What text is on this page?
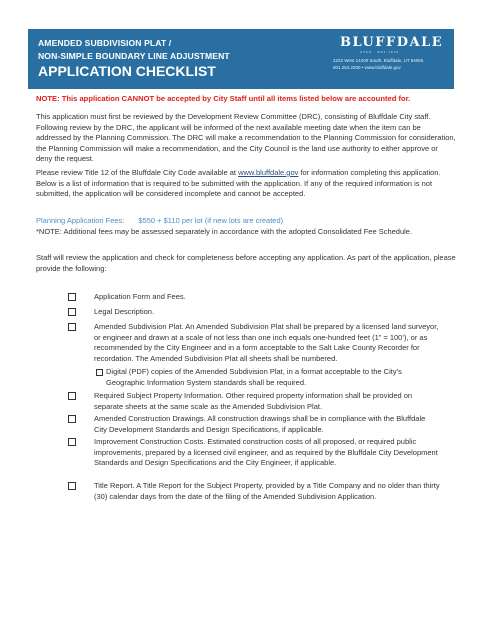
AMENDED SUBDIVISION PLAT /
NON-SIMPLE BOUNDARY LINE ADJUSTMENT
APPLICATION CHECKLIST
BLUFFDALE
UTAH · EST 1978
2222 West 14400 South, Bluffdale, UT 84065
801.254.2200 • www.bluffdale.gov
NOTE: This application CANNOT be accepted by City Staff until all items listed below are accounted for.
This application must first be reviewed by the Development Review Committee (DRC), consisting of Bluffdale City staff. Following review by the DRC, the applicant will be informed of the next available meeting date when the item can be addressed by the Planning Commission. The DRC will make a recommendation to the Planning Commission for consideration, the Planning Commission will make a recommendation, and the City Council is the land use authority to either approve or deny the request.
Please review Title 12 of the Bluffdale City Code available at www.bluffdale.gov for information completing this application. Below is a list of information that is required to be submitted with the application. If any of the required information is not submitted, the application will be considered incomplete and cannot be accepted.
Planning Application Fees: $550 + $110 per lot (if new lots are created)
*NOTE: Additional fees may be assessed separately in accordance with the adopted Consolidated Fee Schedule.
Staff will review the application and check for completeness before accepting any application. As part of the application, please provide the following:
Application Form and Fees.
Legal Description.
Amended Subdivision Plat. An Amended Subdivision Plat shall be prepared by a licensed land surveyor, or engineer and drawn at a scale of not less than one inch equals one-hundred feet (1” = 100’), or as recommended by the City Engineer and in a form acceptable to the Salt Lake County Recorder for recordation. The Amended Subdivision Plat all sheets shall be numbered.
Digital (PDF) copies of the Amended Subdivision Plat, in a format acceptable to the City’s Geographic Information System standards shall be required.
Required Subject Property Information. Other required property information shall be provided on separate sheets at the same scale as the Amended Subdivision Plat.
Amended Construction Drawings. All construction drawings shall be in compliance with the Bluffdale City Development Standards and Design Specifications, if applicable.
Improvement Construction Costs. Estimated construction costs of all proposed, or required public improvements, prepared by a licensed civil engineer, and as required by the Bluffdale City Development Standards and Design Specifications and the City Engineer, if applicable.
Title Report. A Title Report for the Subject Property, provided by a Title Company and no older than thirty (30) calendar days from the date of the filing of the Amended Subdivision Application.
